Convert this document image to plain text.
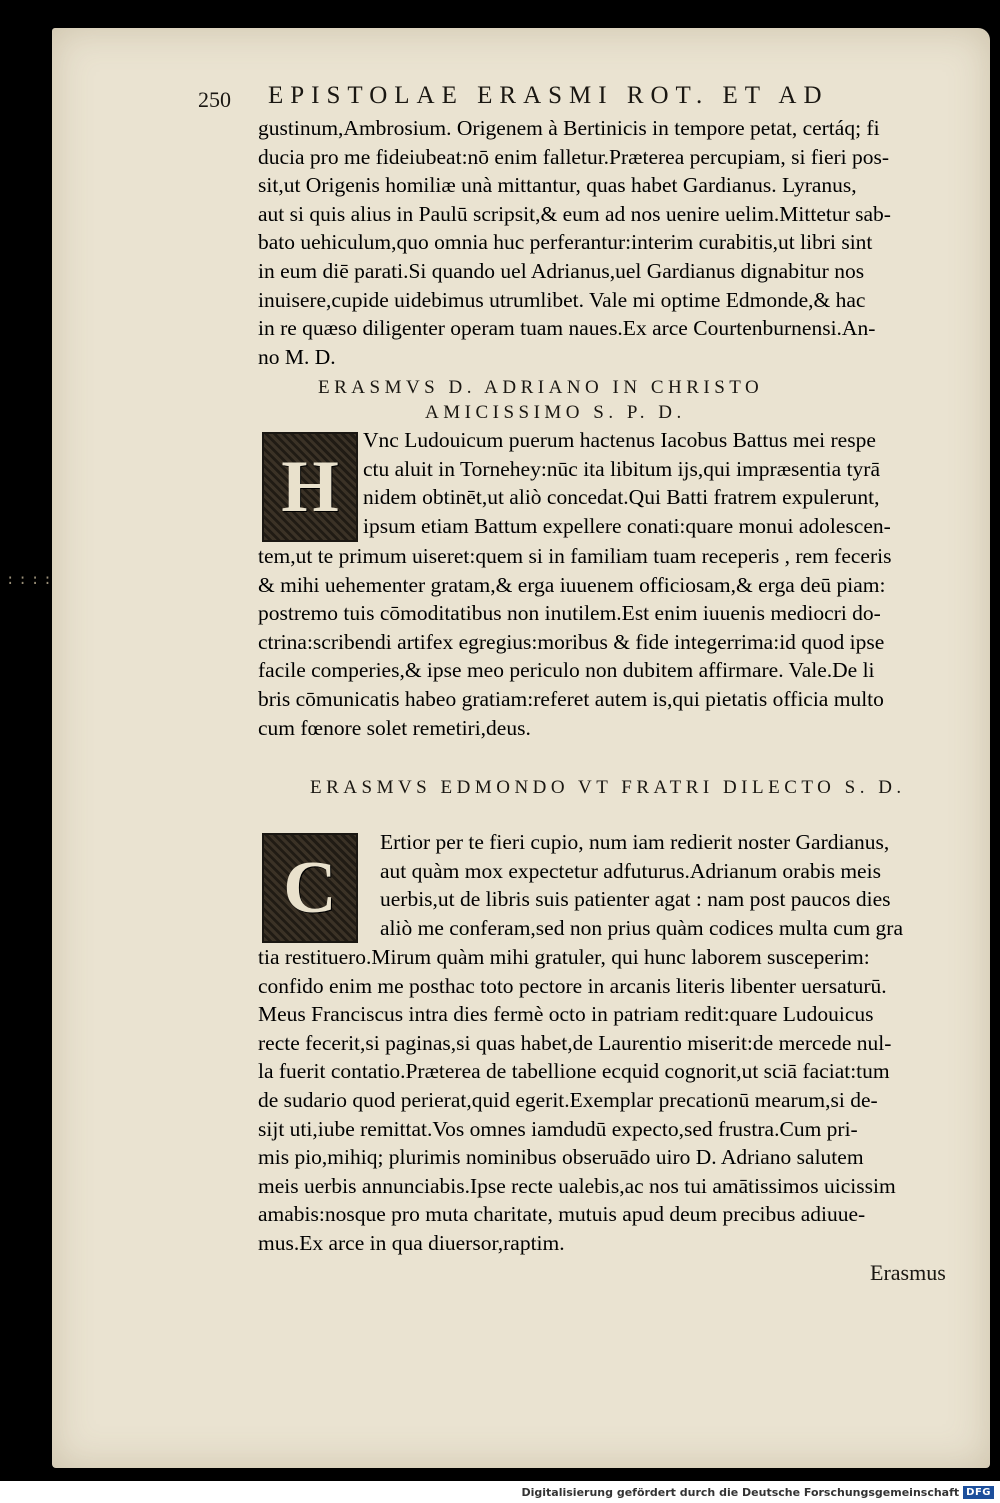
::::
250 EPISTOLAE ERASMI ROT. ET AD
gustinum,Ambrosium. Origenem à Bertinicis in tempore petat, certáq; fi
ducia pro me fideiubeat:nō enim falletur.Præterea percupiam, si fieri pos-
sit,ut Origenis homiliæ unà mittantur, quas habet Gardianus. Lyranus,
aut si quis alius in Paulū scripsit,& eum ad nos uenire uelim.Mittetur sab-
bato uehiculum,quo omnia huc perferantur:interim curabitis,ut libri sint
in eum diē parati.Si quando uel Adrianus,uel Gardianus dignabitur nos
inuisere,cupide uidebimus utrumlibet. Vale mi optime Edmonde,& hac
in re quæso diligenter operam tuam naues.Ex arce Courtenburnensi.An-
no M. D.
ERASMVS D. ADRIANO IN CHRISTO
AMICISSIMO S. P. D.
H
Vnc Ludouicum puerum hactenus Iacobus Battus mei respe
ctu aluit in Tornehey:nūc ita libitum ijs,qui impræsentia tyrā
nidem obtinēt,ut aliò concedat.Qui Batti fratrem expulerunt,
ipsum etiam Battum expellere conati:quare monui adolescen-
tem,ut te primum uiseret:quem si in familiam tuam receperis , rem feceris
& mihi uehementer gratam,& erga iuuenem officiosam,& erga deū piam:
postremo tuis cōmoditatibus non inutilem.Est enim iuuenis mediocri do-
ctrina:scribendi artifex egregius:moribus & fide integerrima:id quod ipse
facile comperies,& ipse meo periculo non dubitem affirmare. Vale.De li
bris cōmunicatis habeo gratiam:referet autem is,qui pietatis officia multo
cum fœnore solet remetiri,deus.
ERASMVS EDMONDO VT FRATRI DILECTO S. D.
C
Ertior per te fieri cupio, num iam redierit noster Gardianus,
aut quàm mox expectetur adfuturus.Adrianum orabis meis
uerbis,ut de libris suis patienter agat : nam post paucos dies
aliò me conferam,sed non prius quàm codices multa cum gra
tia restituero.Mirum quàm mihi gratuler, qui hunc laborem susceperim:
confido enim me posthac toto pectore in arcanis literis libenter uersaturū.
Meus Franciscus intra dies fermè octo in patriam redit:quare Ludouicus
recte fecerit,si paginas,si quas habet,de Laurentio miserit:de mercede nul-
la fuerit contatio.Præterea de tabellione ecquid cognorit,ut sciā faciat:tum
de sudario quod perierat,quid egerit.Exemplar precationū mearum,si de-
sijt uti,iube remittat.Vos omnes iamdudū expecto,sed frustra.Cum pri-
mis pio,mihiq; plurimis nominibus obseruādo uiro D. Adriano salutem
meis uerbis annunciabis.Ipse recte ualebis,ac nos tui amātissimos uicissim
amabis:nosque pro muta charitate, mutuis apud deum precibus adiuue-
mus.Ex arce in qua diuersor,raptim.
Erasmus
Digitalisierung gefördert durch die Deutsche Forschungsgemeinschaft DFG
